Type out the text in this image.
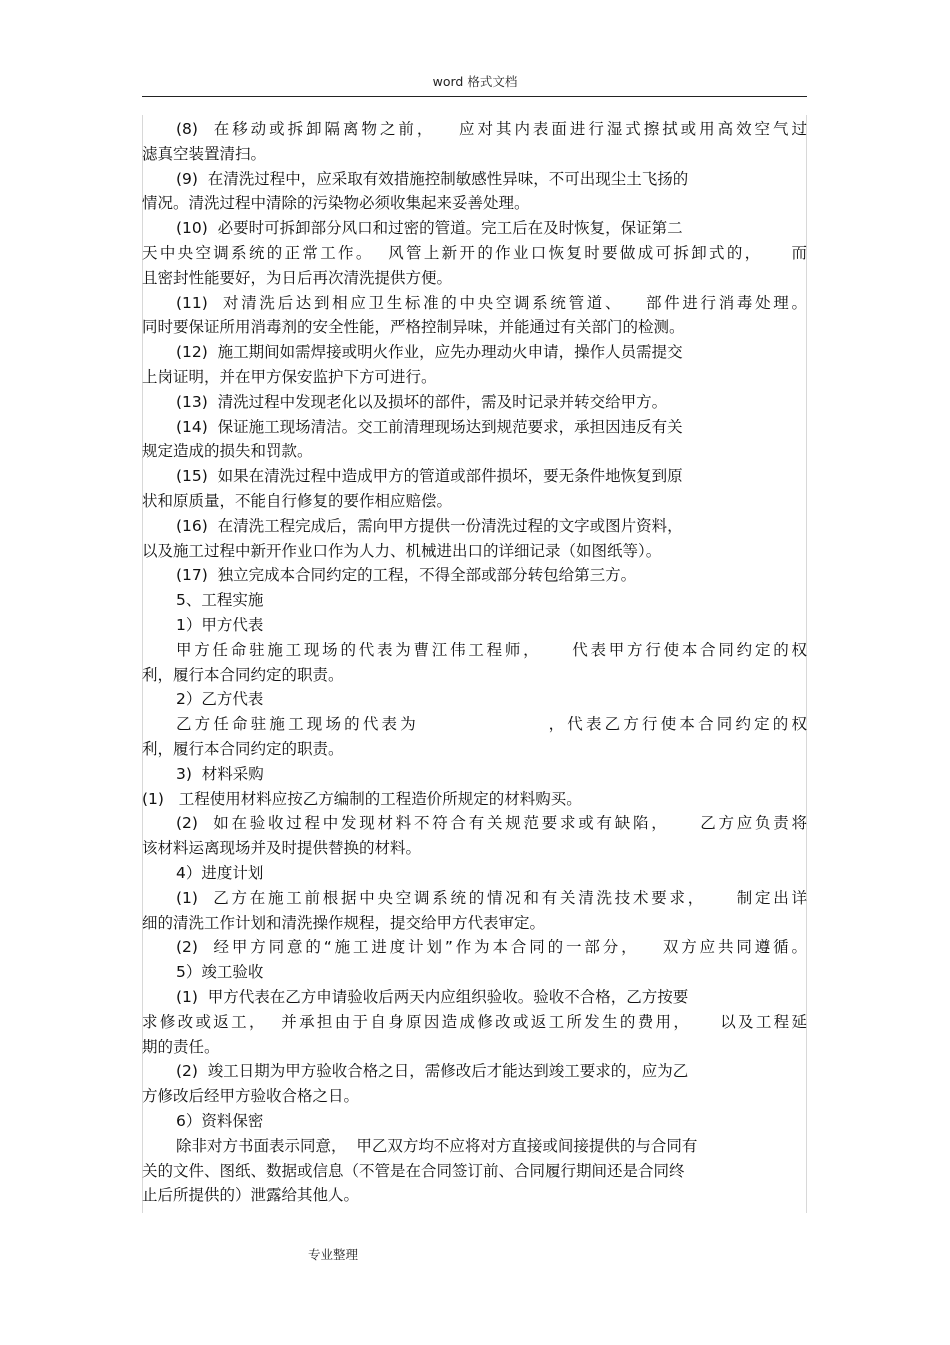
word 格式文档
(8)  在移动或拆卸隔离物之前，   应对其内表面进行湿式擦拭或用高效空气过
滤真空装置清扫。
(9)  在清洗过程中，应采取有效措施控制敏感性异味，不可出现尘土飞扬的
情况。清洗过程中清除的污染物必须收集起来妥善处理。
(10)  必要时可拆卸部分风口和过密的管道。完工后在及时恢复，保证第二
天中央空调系统的正常工作。  风管上新开的作业口恢复时要做成可拆卸式的，    而
且密封性能要好，为日后再次清洗提供方便。
(11)  对清洗后达到相应卫生标准的中央空调系统管道、   部件进行消毒处理。
同时要保证所用消毒剂的安全性能，严格控制异味，并能通过有关部门的检测。
(12)  施工期间如需焊接或明火作业，应先办理动火申请，操作人员需提交
上岗证明，并在甲方保安监护下方可进行。
(13)  清洗过程中发现老化以及损坏的部件，需及时记录并转交给甲方。
(14)  保证施工现场清洁。交工前清理现场达到规范要求，承担因违反有关
规定造成的损失和罚款。
(15)  如果在清洗过程中造成甲方的管道或部件损坏，要无条件地恢复到原
状和原质量，不能自行修复的要作相应赔偿。
(16)  在清洗工程完成后，需向甲方提供一份清洗过程的文字或图片资料，
以及施工过程中新开作业口作为人力、机械进出口的详细记录（如图纸等）。
(17)  独立完成本合同约定的工程，不得全部或部分转包给第三方。
5、工程实施
1）甲方代表
甲方任命驻施工现场的代表为曹江伟工程师，    代表甲方行使本合同约定的权
利，履行本合同约定的职责。
2）乙方代表
乙方任命驻施工现场的代表为                ，代表乙方行使本合同约定的权
利，履行本合同约定的职责。
3)  材料采购
(1)   工程使用材料应按乙方编制的工程造价所规定的材料购买。
(2)  如在验收过程中发现材料不符合有关规范要求或有缺陷，    乙方应负责将
该材料运离现场并及时提供替换的材料。
4）进度计划
(1)  乙方在施工前根据中央空调系统的情况和有关清洗技术要求，    制定出详
细的清洗工作计划和清洗操作规程，提交给甲方代表审定。
(2)  经甲方同意的“施工进度计划”作为本合同的一部分，   双方应共同遵循。
5）竣工验收
(1)  甲方代表在乙方申请验收后两天内应组织验收。验收不合格，乙方按要
求修改或返工，  并承担由于自身原因造成修改或返工所发生的费用，    以及工程延
期的责任。
(2)  竣工日期为甲方验收合格之日，需修改后才能达到竣工要求的，应为乙
方修改后经甲方验收合格之日。
6）资料保密
除非对方书面表示同意，  甲乙双方均不应将对方直接或间接提供的与合同有
关的文件、图纸、数据或信息（不管是在合同签订前、合同履行期间还是合同终
止后所提供的）泄露给其他人。
专业整理
